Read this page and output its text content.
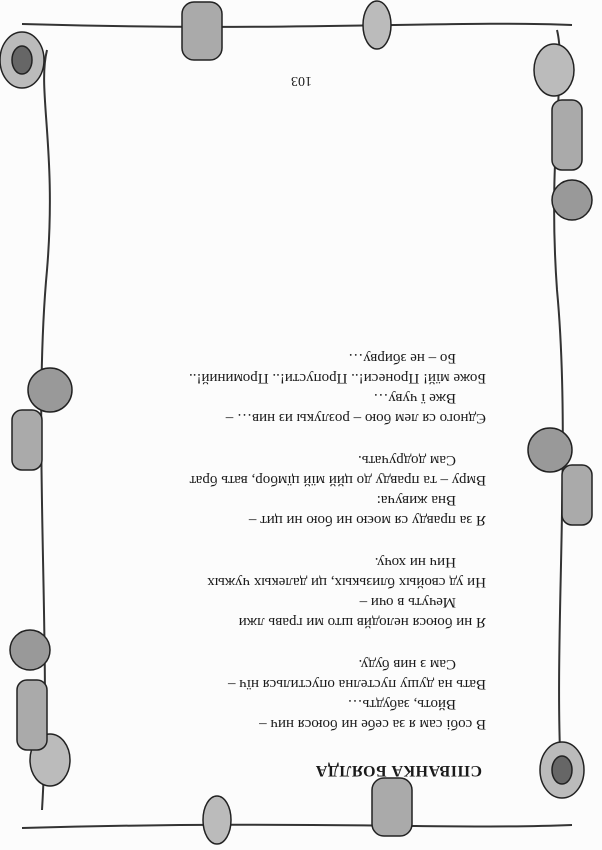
СПІВАНКА БОЯЛДА
В собі сам я за себе ни боюся нич –
Вйоть, забудть…
Вать на душу пустелна опустилься нїч –
Сам з нив буду.
Я ни боюся нелодйв што ми гравь лжи
Мечуть в очи –
Ни уд свойых близькых, ци далекых чужых
Нич ни хочу.
Я за правду ся моєю ни бою ни цит –
Вна живуча:
Вмру – та правду до цйй мїй цїмбор, вать брат
Сам додручать.
Єдного ся лем бою – розлукы из нив… –
Вже ї чуву…
Боже мїй! Пронеси!.. Пропусти!.. Проминий!..
Бо – не збирву…
103
